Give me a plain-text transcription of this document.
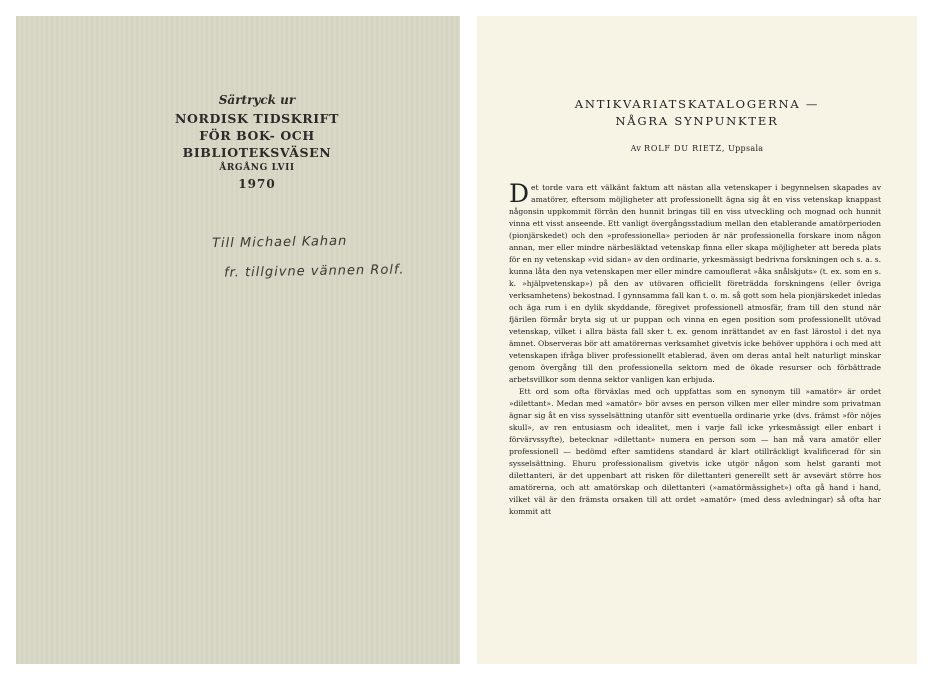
Särtryck ur
NORDISK TIDSKRIFT
FÖR BOK- OCH
BIBLIOTEKSVÄSEN
ÅRGÅNG LVII
1970
Till Michael Kahan
fr. tillgivne vännen Rolf.
ANTIKVARIATSKATALOGERNA —
NÅGRA SYNPUNKTER
Av ROLF DU RIETZ, Uppsala

Det torde vara ett välkänt faktum att nästan alla vetenskaper i begynnelsen skapades av amatörer, eftersom möjligheter att professionellt ägna sig åt en viss vetenskap knappast någonsin uppkommit förrän den hunnit bringas till en viss utveckling och mognad och hunnit vinna ett visst anseende. Ett vanligt övergångsstadium mellan den etablerande amatörperioden (pionjärskedet) och den »professionella» perioden är när professionella forskare inom någon annan, mer eller mindre närbesläktad vetenskap finna eller skapa möjligheter att bereda plats för en ny vetenskap »vid sidan» av den ordinarie, yrkesmässigt bedrivna forskningen och s. a. s. kunna låta den nya vetenskapen mer eller mindre camouflerat »åka snålskjuts» (t. ex. som en s. k. »hjälpvetenskap») på den av utövaren officiellt företrädda forskningens (eller övriga verksamhetens) bekostnad. I gynnsamma fall kan t. o. m. så gott som hela pionjärskedet inledas och äga rum i en dylik skyddande, föregivet professionell atmosfär, fram till den stund när fjärilen förmår bryta sig ut ur puppan och vinna en egen position som professionellt utövad vetenskap, vilket i allra bästa fall sker t. ex. genom inrättandet av en fast lärostol i det nya ämnet. Observeras bör att amatörernas verksamhet givetvis icke behöver upphöra i och med att vetenskapen ifråga bliver professionellt etablerad, även om deras antal helt naturligt minskar genom övergång till den professionella sektorn med de ökade resurser och förbättrade arbetsvillkor som denna sektor vanligen kan erbjuda.

Ett ord som ofta förväxlas med och uppfattas som en synonym till »amatör» är ordet »dilettant». Medan med »amatör» bör avses en person vilken mer eller mindre som privatman ägnar sig åt en viss sysselsättning utanför sitt eventuella ordinarie yrke (dvs. främst »för nöjes skull», av ren entusiasm och idealitet, men i varje fall icke yrkesmässigt eller enbart i förvärvssyfte), betecknar »dilettant» numera en person som — han må vara amatör eller professionell — bedömd efter samtidens standard är klart otillräckligt kvalificerad för sin sysselsättning. Ehuru professionalism givetvis icke utgör någon som helst garanti mot dilettanteri, är det uppenbart att risken för dilettanteri generellt sett är avsevärt större hos amatörerna, och att amatörskap och dilettanteri (»amatörmässighet») ofta gå hand i hand, vilket väl är den främsta orsaken till att ordet »amatör» (med dess avledningar) så ofta har kommit att
